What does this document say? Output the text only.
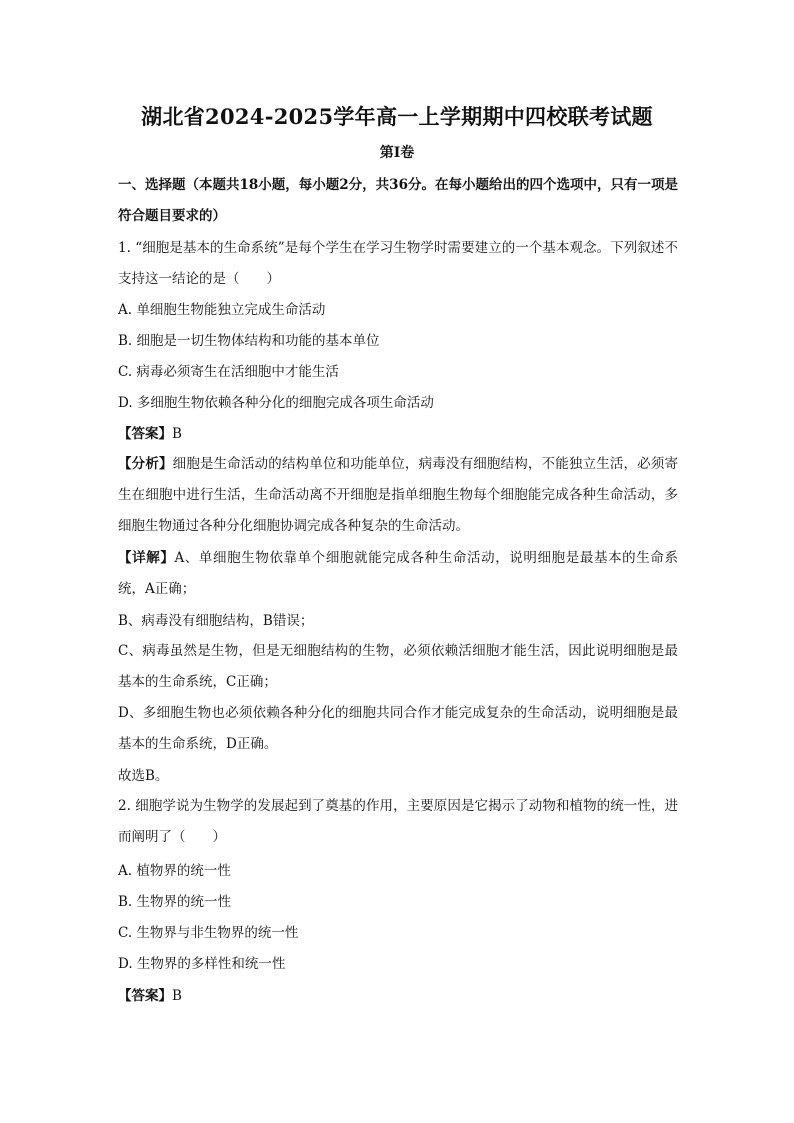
湖北省2024-2025学年高一上学期期中四校联考试题
第I卷
一、选择题（本题共18小题，每小题2分，共36分。在每小题给出的四个选项中，只有一项是符合题目要求的）
1. “细胞是基本的生命系统”是每个学生在学习生物学时需要建立的一个基本观念。下列叙述不支持这一结论的是（　　）
A. 单细胞生物能独立完成生命活动
B. 细胞是一切生物体结构和功能的基本单位
C. 病毒必须寄生在活细胞中才能生活
D. 多细胞生物依赖各种分化的细胞完成各项生命活动
【答案】B
【分析】细胞是生命活动的结构单位和功能单位，病毒没有细胞结构，不能独立生活，必须寄生在细胞中进行生活，生命活动离不开细胞是指单细胞生物每个细胞能完成各种生命活动，多细胞生物通过各种分化细胞协调完成各种复杂的生命活动。
【详解】A、单细胞生物依靠单个细胞就能完成各种生命活动，说明细胞是最基本的生命系统，A正确；
B、病毒没有细胞结构，B错误；
C、病毒虽然是生物，但是无细胞结构的生物，必须依赖活细胞才能生活，因此说明细胞是最基本的生命系统，C正确；
D、多细胞生物也必须依赖各种分化的细胞共同合作才能完成复杂的生命活动，说明细胞是最基本的生命系统，D正确。
故选B。
2. 细胞学说为生物学的发展起到了奠基的作用，主要原因是它揭示了动物和植物的统一性，进而阐明了（　　）
A. 植物界的统一性
B. 生物界的统一性
C. 生物界与非生物界的统一性
D. 生物界的多样性和统一性
【答案】B
